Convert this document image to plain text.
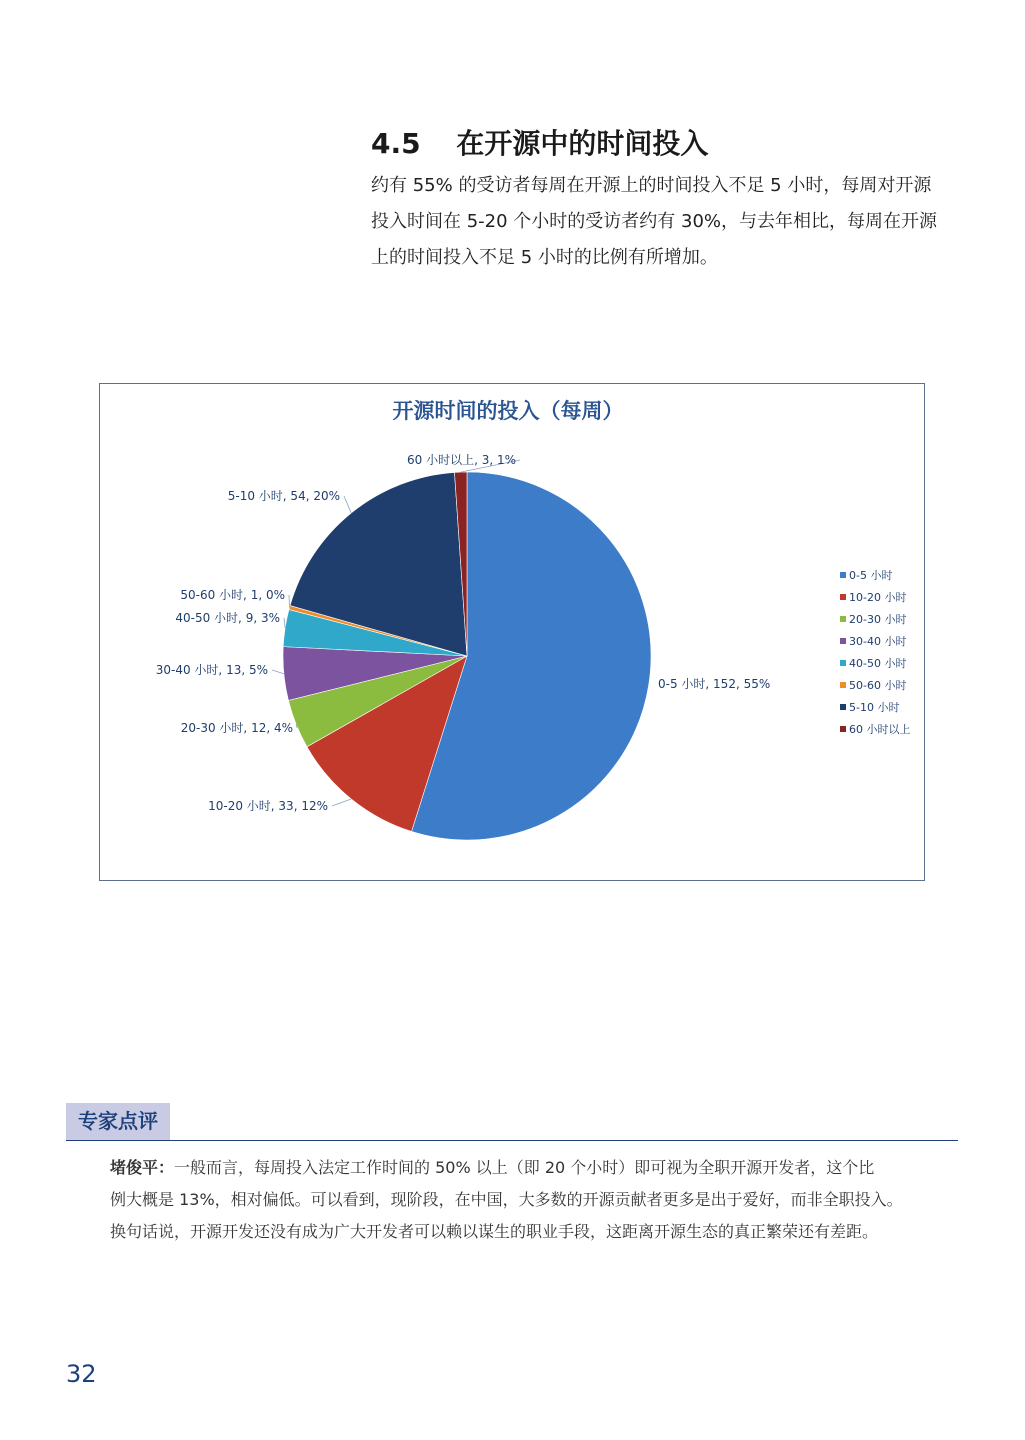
4.5 在开源中的时间投入

约有 55% 的受访者每周在开源上的时间投入不足 5 小时，每周对开源

投入时间在 5-20 个小时的受访者约有 30%，与去年相比，每周在开源

上的时间投入不足 5 小时的比例有所增加。

开源时间的投入（每周）
0-5 小时, 152, 55%
10-20 小时, 33, 12%
20-30 小时, 12, 4%
30-40 小时, 13, 5%
40-50 小时, 9, 3%
50-60 小时, 1, 0%
5-10 小时, 54, 20%
60 小时以上, 3, 1%
0-5 小时
10-20 小时
20-30 小时
30-40 小时
40-50 小时
50-60 小时
5-10 小时
60 小时以上
专家点评

堵俊平：一般而言，每周投入法定工作时间的 50% 以上（即 20 个小时）即可视为全职开源开发者，这个比

例大概是 13%，相对偏低。可以看到，现阶段，在中国，大多数的开源贡献者更多是出于爱好，而非全职投入。

换句话说，开源开发还没有成为广大开发者可以赖以谋生的职业手段，这距离开源生态的真正繁荣还有差距。

32
